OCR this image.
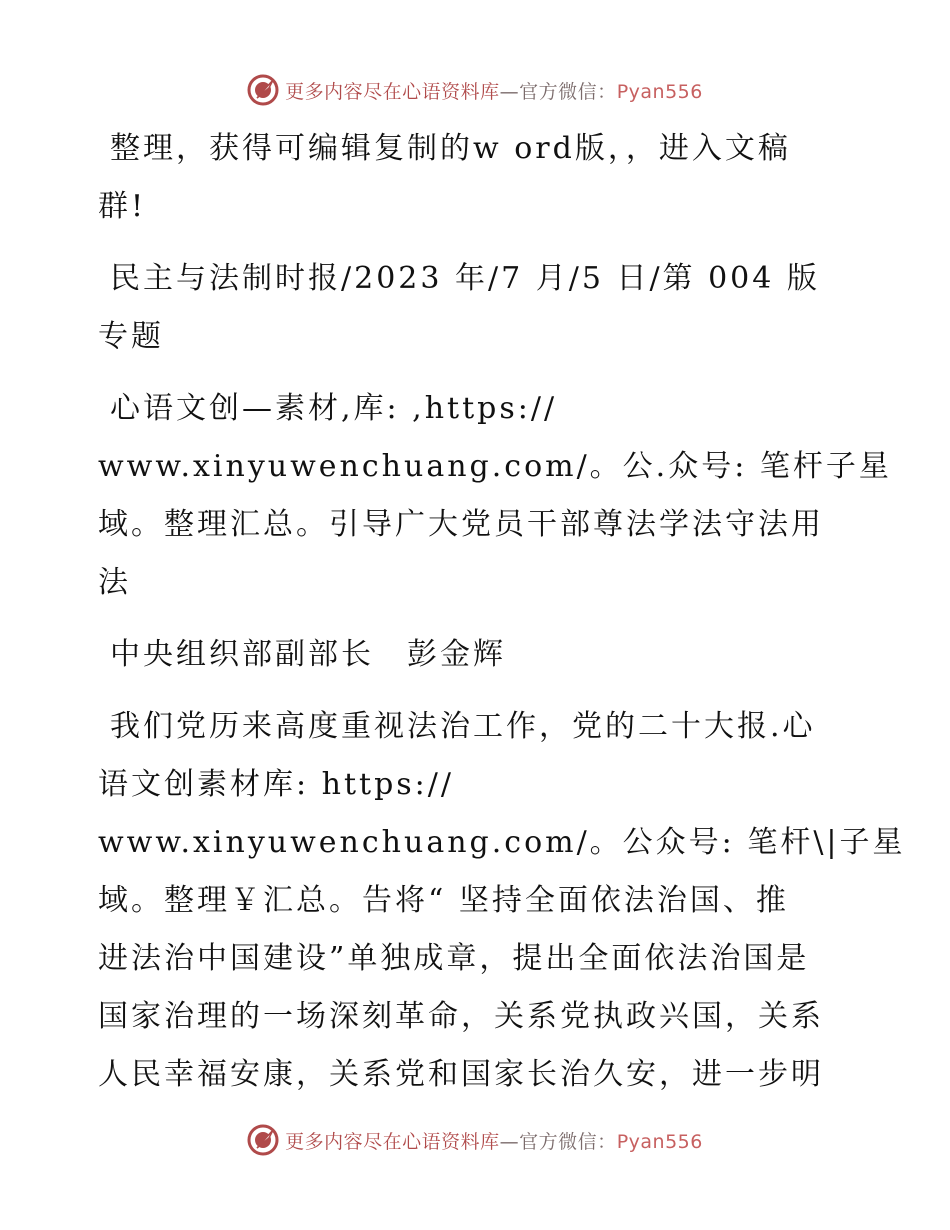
更多内容尽在心语资料库—官方微信：Pyan556
整理，获得可编辑复制的w ord版，，进入文稿
群!
民主与法制时报/2023 年/7 月/5 日/第 004 版
专题
心语文创—素材,库: ,https://
www.xinyuwenchuang.com/。公.众号: 笔杆子星
域。整理汇总。引导广大党员干部尊法学法守法用
法
中央组织部副部长　彭金辉
我们党历来高度重视法治工作，党的二十大报.心
语文创素材库: https://
www.xinyuwenchuang.com/。公众号: 笔杆\|子星
域。整理￥汇总。告将“ 坚持全面依法治国、推
进法治中国建设”单独成章，提出全面依法治国是
国家治理的一场深刻革命，关系党执政兴国，关系
人民幸福安康，关系党和国家长治久安，进一步明
更多内容尽在心语资料库—官方微信：Pyan556
